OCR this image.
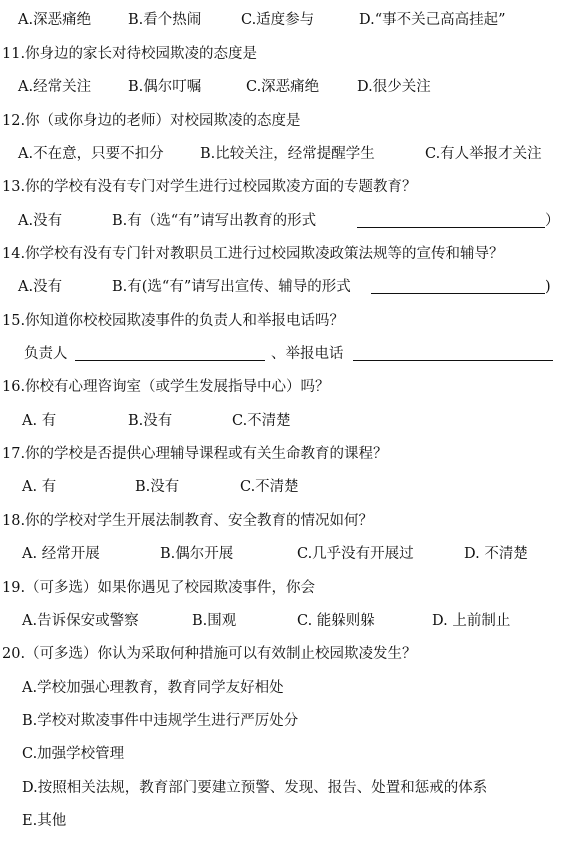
A.深恶痛绝	B.看个热闹	C.适度参与	D.“事不关己高高挂起”
11.你身边的家长对待校园欺凌的态度是
A.经常关注	B.偶尔叮嘱	C.深恶痛绝	D.很少关注
12.你（或你身边的老师）对校园欺凌的态度是
A.不在意，只要不扣分	B.比较关注，经常提醒学生	C.有人举报才关注
13.你的学校有没有专门对学生进行过校园欺凌方面的专题教育？
A.没有	B.有（选“有”请写出教育的形式	）
14.你学校有没有专门针对教职员工进行过校园欺凌政策法规等的宣传和辅导？
A.没有	B.有(选“有”请写出宣传、辅导的形式	)
15.你知道你校校园欺凌事件的负责人和举报电话吗？
负责人	、举报电话
16.你校有心理咨询室（或学生发展指导中心）吗？
A. 有	B.没有	C.不清楚
17.你的学校是否提供心理辅导课程或有关生命教育的课程？
A. 有	B.没有	C.不清楚
18.你的学校对学生开展法制教育、安全教育的情况如何？
A. 经常开展	B.偶尔开展	C.几乎没有开展过	D. 不清楚
19.（可多选）如果你遇见了校园欺凌事件，你会
A.告诉保安或警察	B.围观	C. 能躲则躲	D. 上前制止
20.（可多选）你认为采取何种措施可以有效制止校园欺凌发生？
A.学校加强心理教育，教育同学友好相处
B.学校对欺凌事件中违规学生进行严厉处分
C.加强学校管理
D.按照相关法规，教育部门要建立预警、发现、报告、处置和惩戒的体系
E.其他
